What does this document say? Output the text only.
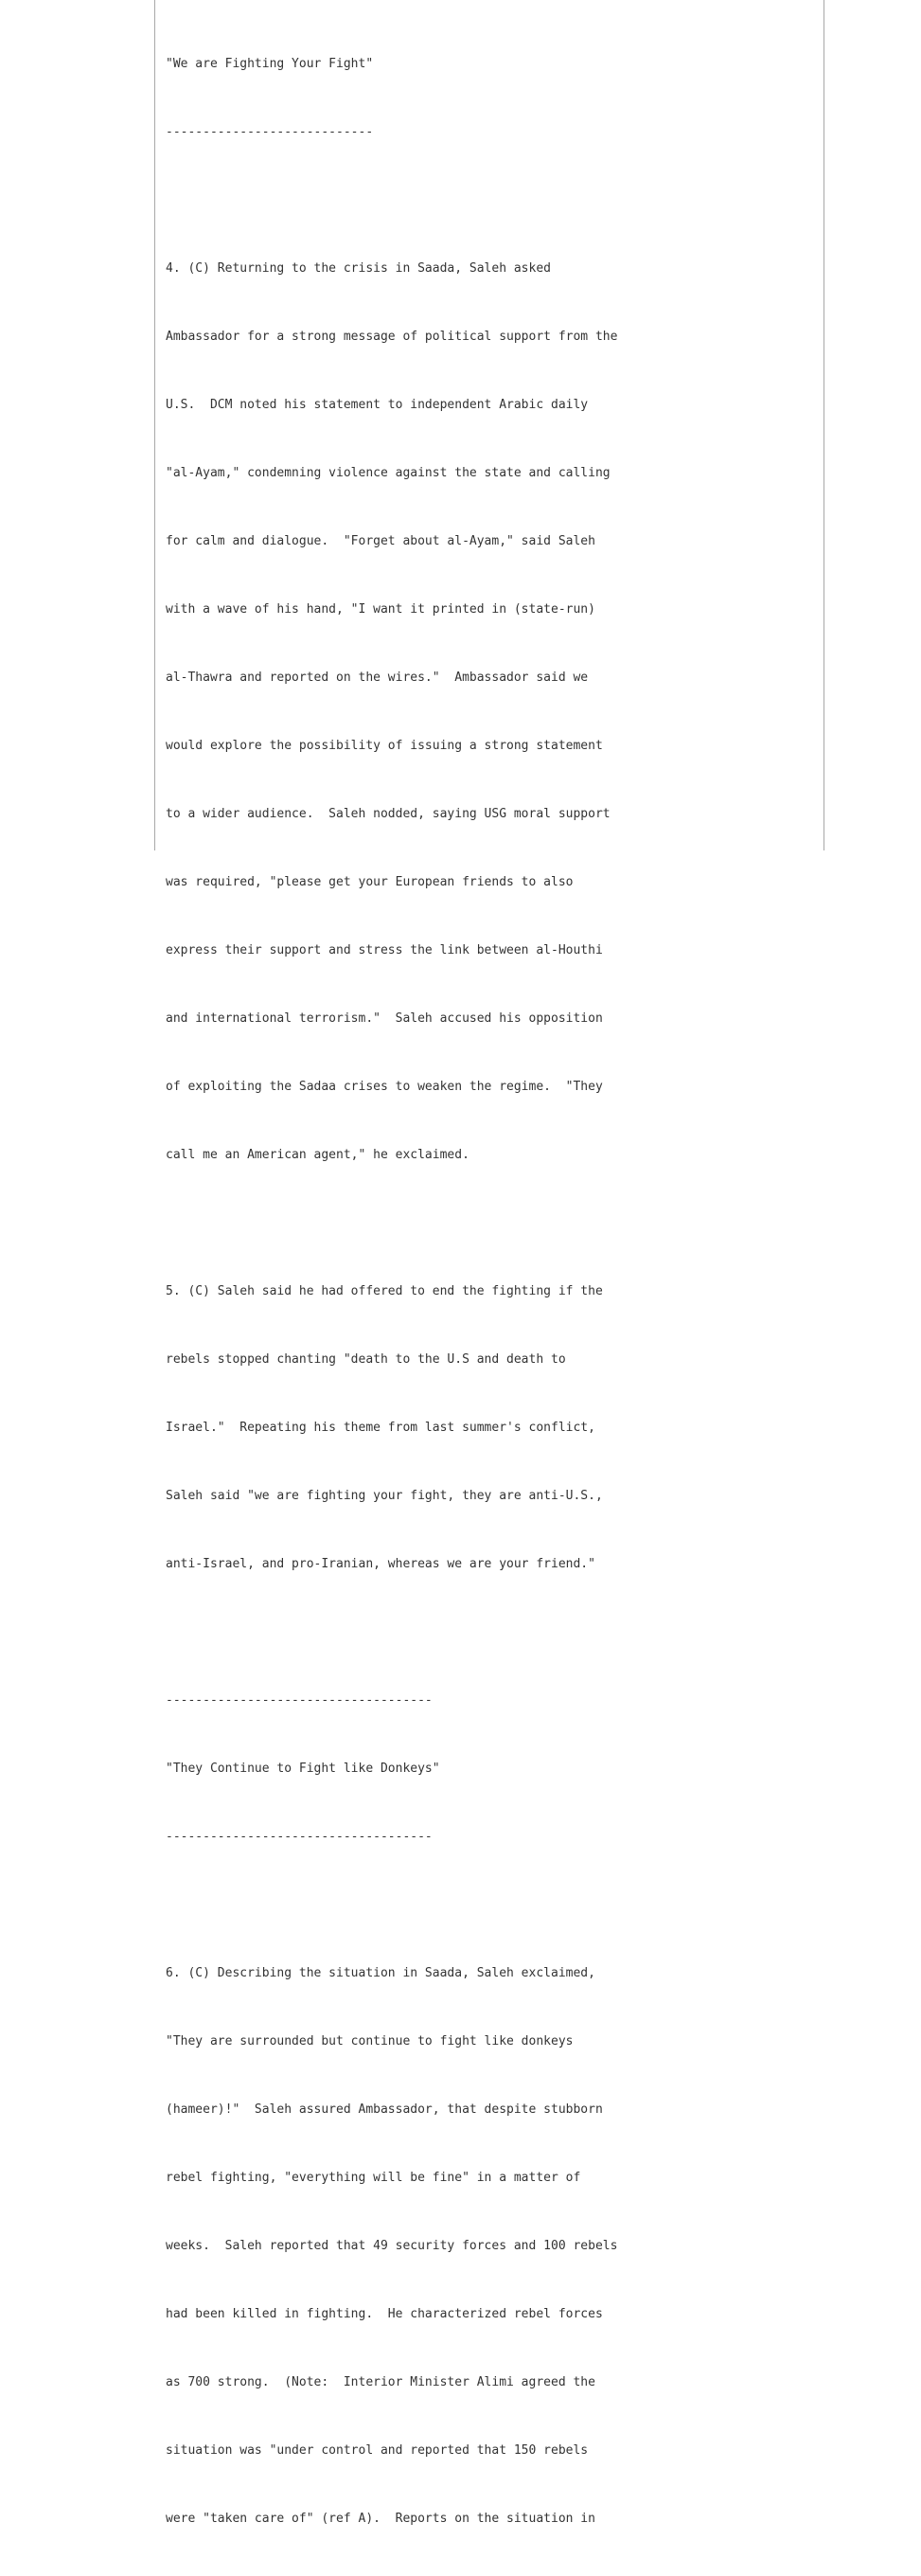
"We are Fighting Your Fight"

----------------------------

4. (C) Returning to the crisis in Saada, Saleh asked

Ambassador for a strong message of political support from the

U.S.  DCM noted his statement to independent Arabic daily

"al-Ayam," condemning violence against the state and calling

for calm and dialogue.  "Forget about al-Ayam," said Saleh

with a wave of his hand, "I want it printed in (state-run)

al-Thawra and reported on the wires."  Ambassador said we

would explore the possibility of issuing a strong statement

to a wider audience.  Saleh nodded, saying USG moral support

was required, "please get your European friends to also

express their support and stress the link between al-Houthi

and international terrorism."  Saleh accused his opposition

of exploiting the Sadaa crises to weaken the regime.  "They

call me an American agent," he exclaimed.

5. (C) Saleh said he had offered to end the fighting if the

rebels stopped chanting "death to the U.S and death to

Israel."  Repeating his theme from last summer's conflict,

Saleh said "we are fighting your fight, they are anti-U.S.,

anti-Israel, and pro-Iranian, whereas we are your friend."

------------------------------------

"They Continue to Fight like Donkeys"

------------------------------------

6. (C) Describing the situation in Saada, Saleh exclaimed,

"They are surrounded but continue to fight like donkeys

(hameer)!"  Saleh assured Ambassador, that despite stubborn

rebel fighting, "everything will be fine" in a matter of

weeks.  Saleh reported that 49 security forces and 100 rebels

had been killed in fighting.  He characterized rebel forces

as 700 strong.  (Note:  Interior Minister Alimi agreed the

situation was "under control and reported that 150 rebels

were "taken care of" (ref A).  Reports on the situation in
